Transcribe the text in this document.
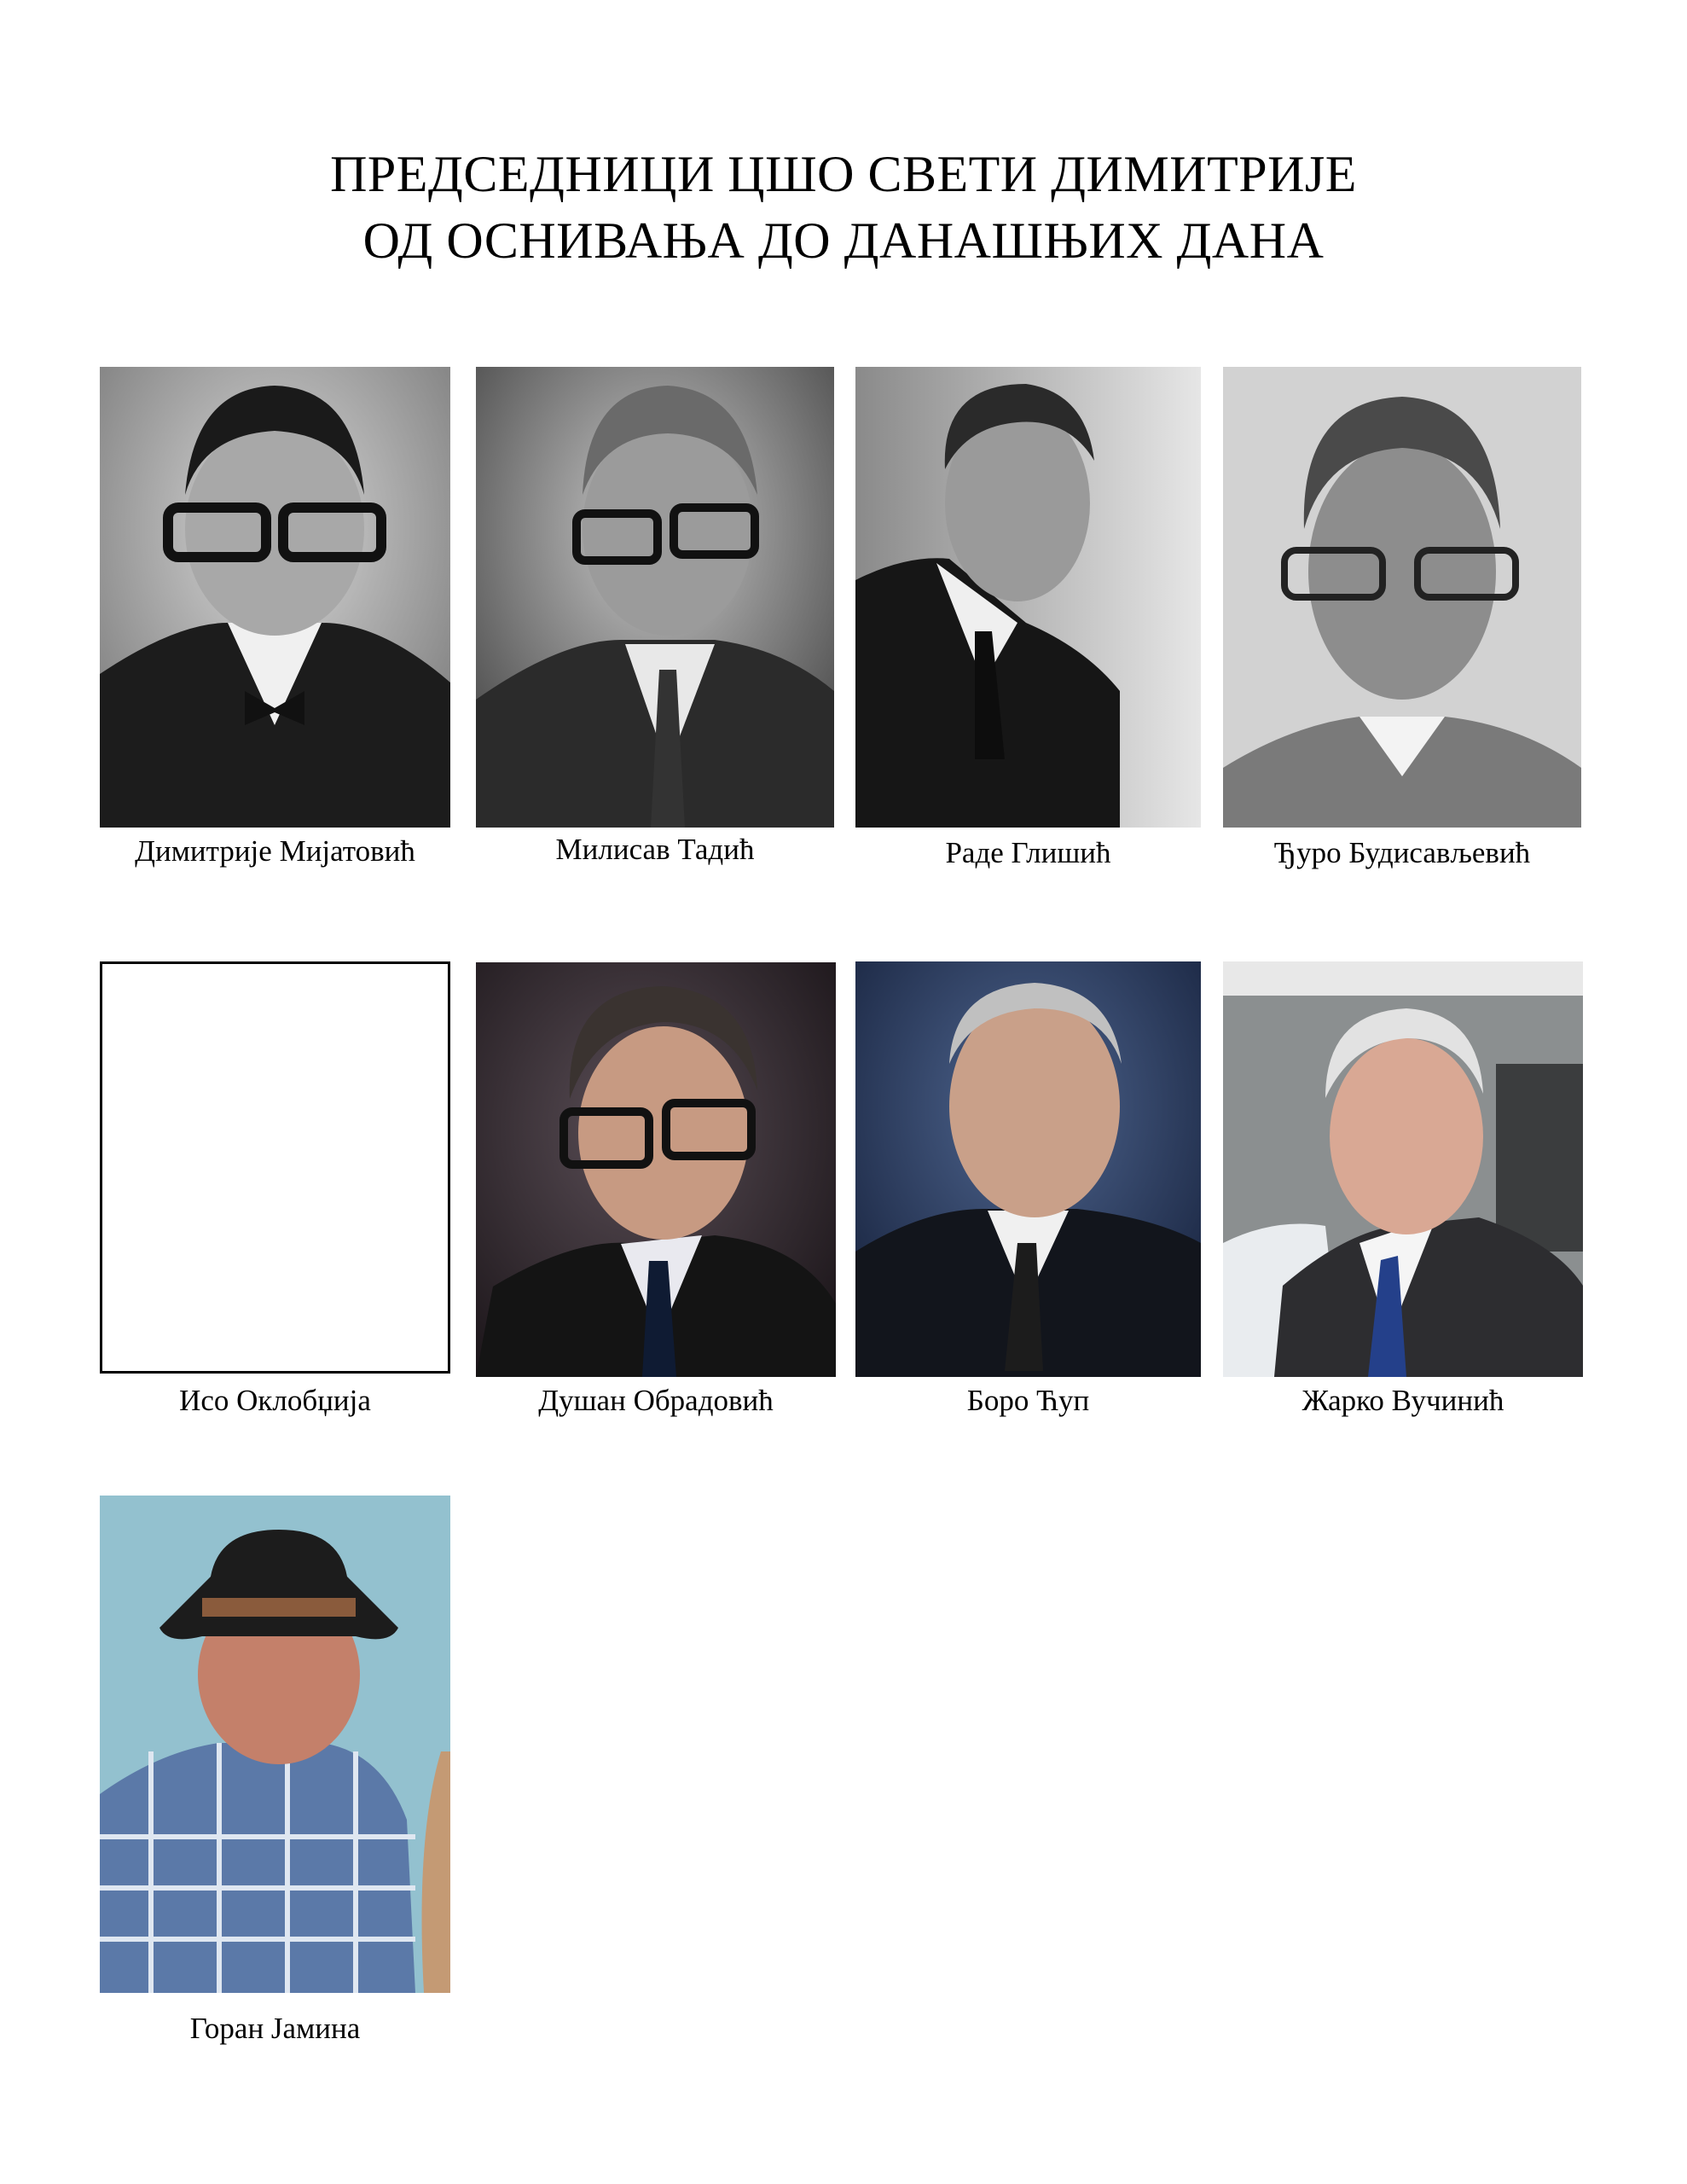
ПРЕДСЕДНИЦИ ЦШО СВЕТИ ДИМИТРИЈЕ
ОД ОСНИВАЊА ДО ДАНАШЊИХ ДАНА
Димитрије Мијатовић	Милисав Тадић	Раде Глишић	Ђуро Будисављевић
Исо Оклобџија	Душан Обрадовић	Боро Ћуп	Жарко Вучинић
Горан Јамина
